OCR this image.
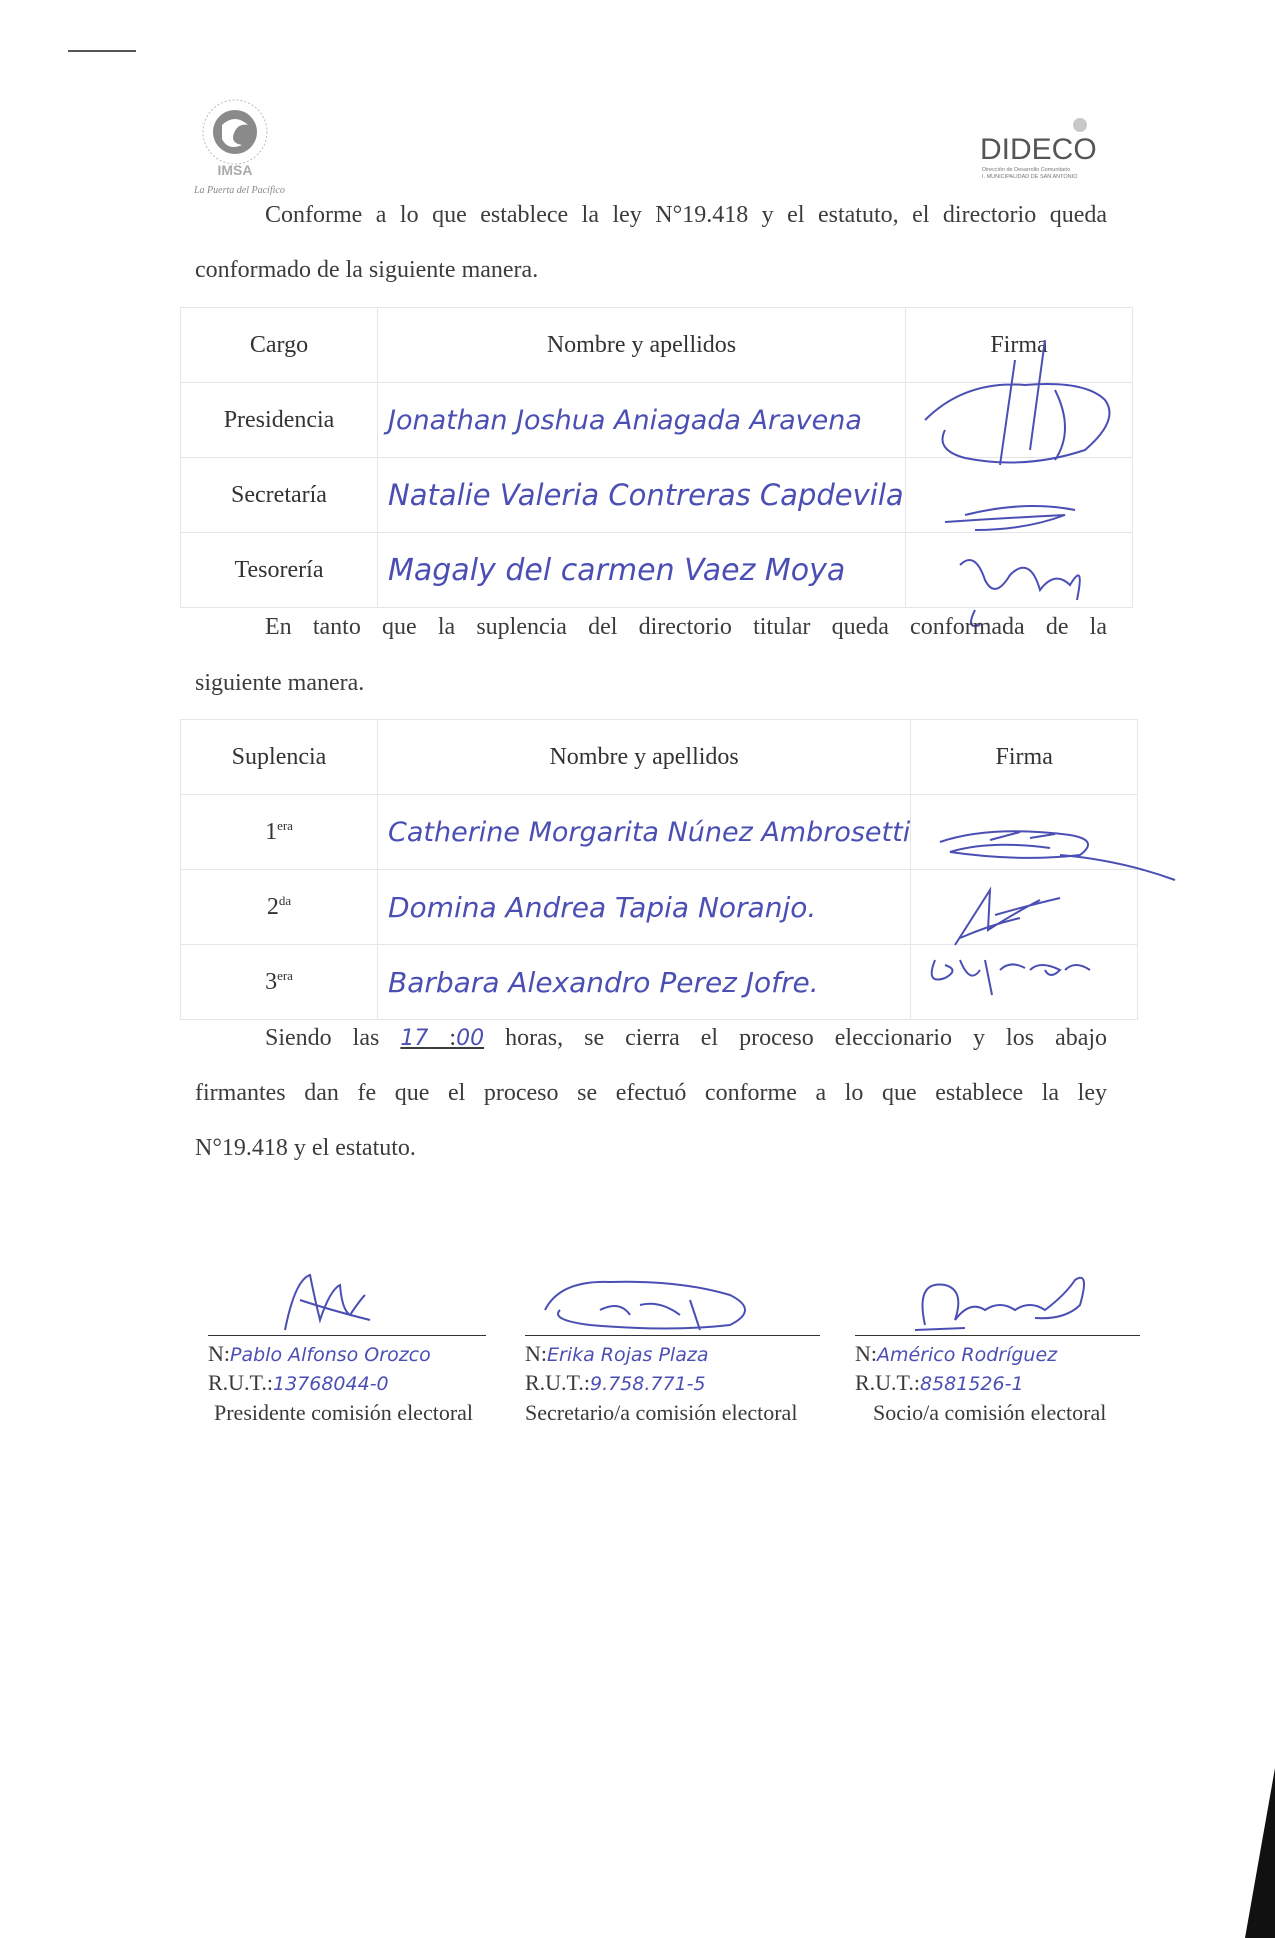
IMSA
La Puerta del Pacífico
DIDECO
Dirección de Desarrollo Comunitario
I. MUNICIPALIDAD DE SAN ANTONIO
Conforme a lo que establece la ley N°19.418 y el estatuto, el directorio queda
conformado de la siguiente manera.
Cargo	Nombre y apellidos	Firma
Presidencia	Jonathan Joshua Aniagada Aravena	
Secretaría	Natalie Valeria Contreras Capdevila	
Tesorería	Magaly del carmen Vaez Moya	
En tanto que la suplencia del directorio titular queda conformada de la
siguiente manera.
Suplencia	Nombre y apellidos	Firma
$1^{era}$	Catherine Morgarita Núnez Ambrosetti	
$2^{da}$	Domina Andrea Tapia Noranjo.	
$3^{era}$	Barbara Alexandro Perez Jofre.	
Siendo las 17 :00 horas, se cierra el proceso eleccionario y los abajo
firmantes dan fe que el proceso se efectuó conforme a lo que establece la ley
N°19.418 y el estatuto.
N:Pablo Alfonso Orozco
R.U.T.:13768044-0
Presidente comisión electoral
N:Erika Rojas Plaza
R.U.T.:9.758.771-5
Secretario/a comisión electoral
N:Américo Rodríguez
R.U.T.:8581526-1
Socio/a comisión electoral
